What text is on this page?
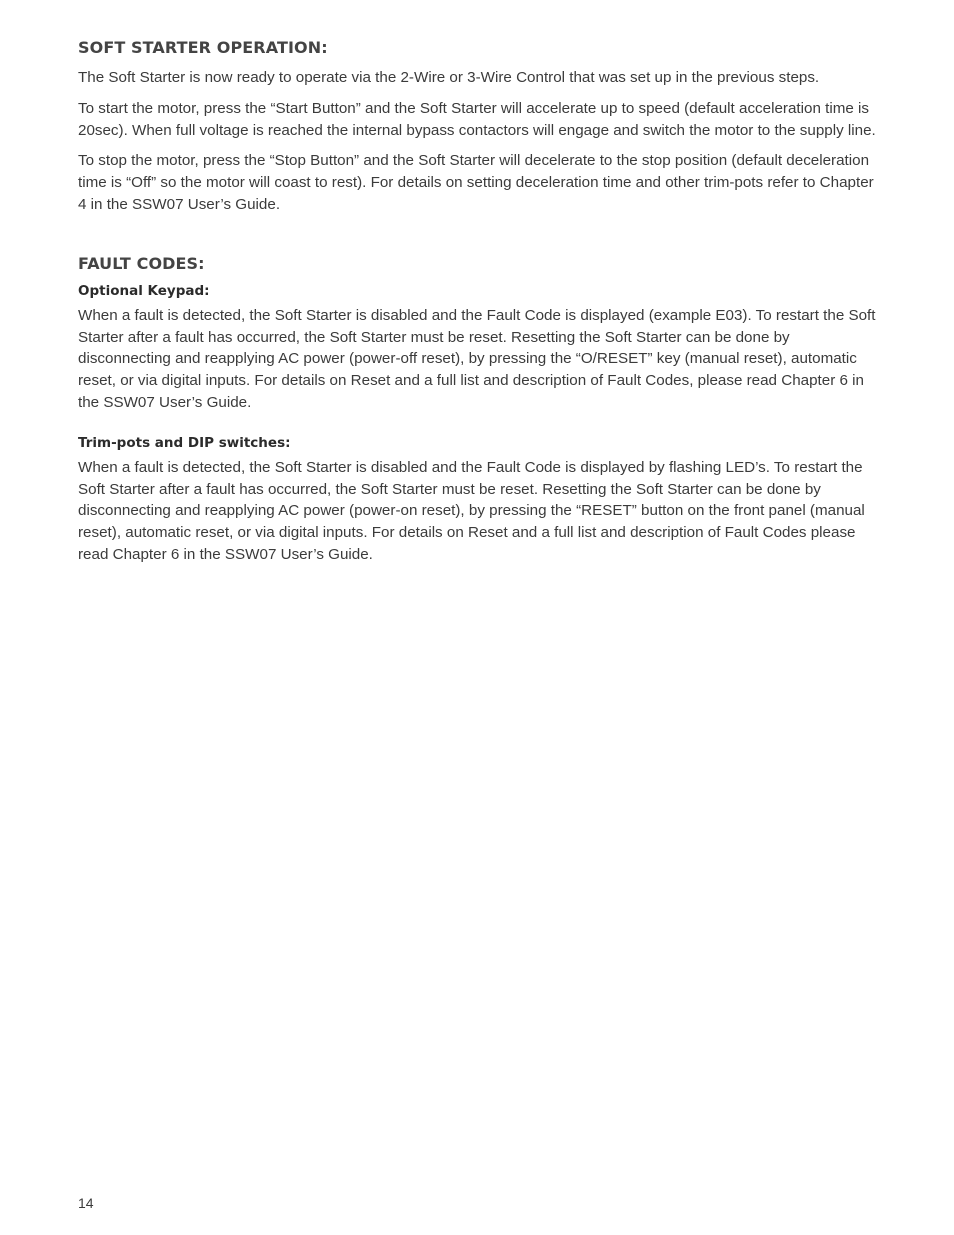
SOFT STARTER OPERATION:

The Soft Starter is now ready to operate via the 2-Wire or 3-Wire Control that was set up in the previous steps.

To start the motor, press the “Start Button” and the Soft Starter will accelerate up to speed (default acceleration time is 20sec). When full voltage is reached the internal bypass contactors will engage and switch the motor to the supply line.

To stop the motor, press the “Stop Button” and the Soft Starter will decelerate to the stop position (default deceleration time is “Off” so the motor will coast to rest). For details on setting deceleration time and other trim-pots refer to Chapter 4 in the SSW07 User’s Guide.

FAULT CODES:
Optional Keypad:

When a fault is detected, the Soft Starter is disabled and the Fault Code is displayed (example E03). To restart the Soft Starter after a fault has occurred, the Soft Starter must be reset. Resetting the Soft Starter can be done by disconnecting and reapplying AC power (power-off reset), by pressing the “O/RESET” key (manual reset), automatic reset, or via digital inputs. For details on Reset and a full list and description of Fault Codes, please read Chapter 6 in the SSW07 User’s Guide.

Trim-pots and DIP switches:

When a fault is detected, the Soft Starter is disabled and the Fault Code is displayed by flashing LED’s. To restart the Soft Starter after a fault has occurred, the Soft Starter must be reset. Resetting the Soft Starter can be done by disconnecting and reapplying AC power (power-on reset), by pressing the “RESET” button on the front panel (manual reset), automatic reset, or via digital inputs. For details on Reset and a full list and description of Fault Codes please read Chapter 6 in the SSW07 User’s Guide.

14
